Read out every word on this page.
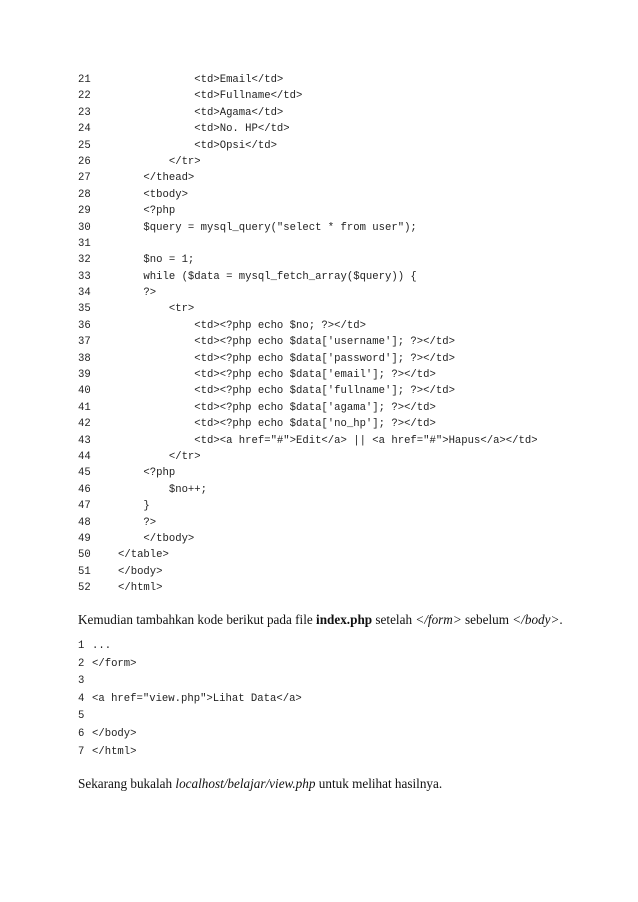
21	<td>Email</td>
22	<td>Fullname</td>
23	<td>Agama</td>
24	<td>No. HP</td>
25	<td>Opsi</td>
26	</tr>
27	</thead>
28	<tbody>
29	<?php
30	$query = mysql_query("select * from user");
31
32	$no = 1;
33	while ($data = mysql_fetch_array($query)) {
34	?>
35	<tr>
36	<td><?php echo $no; ?></td>
37	<td><?php echo $data['username']; ?></td>
38	<td><?php echo $data['password']; ?></td>
39	<td><?php echo $data['email']; ?></td>
40	<td><?php echo $data['fullname']; ?></td>
41	<td><?php echo $data['agama']; ?></td>
42	<td><?php echo $data['no_hp']; ?></td>
43	<td><a href="#">Edit</a> || <a href="#">Hapus</a></td>
44	</tr>
45	<?php
46	$no++;
47	}
48	?>
49	</tbody>
50	</table>
51	</body>
52	</html>
Kemudian tambahkan kode berikut pada file index.php setelah </form> sebelum </body>.
1 ...
2 </form>
3
4 <a href="view.php">Lihat Data</a>
5
6 </body>
7 </html>
Sekarang bukalah localhost/belajar/view.php untuk melihat hasilnya.
